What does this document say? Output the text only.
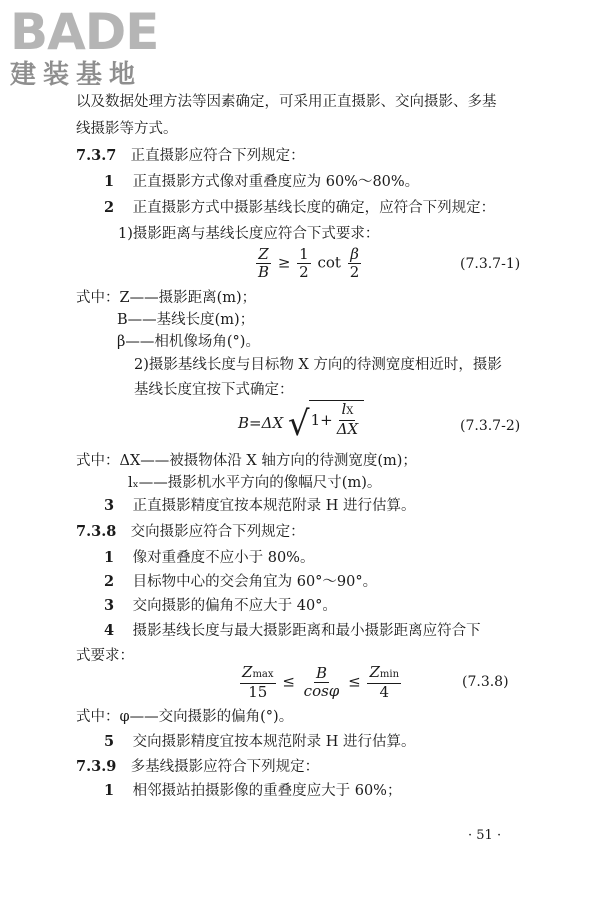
BADE
建装基地
以及数据处理方法等因素确定，可采用正直摄影、交向摄影、多基
线摄影等方式。
7.3.7 正直摄影应符合下列规定：
1 正直摄影方式像对重叠度应为 60%～80%。
2 正直摄影方式中摄影基线长度的确定，应符合下列规定：
1)摄影距离与基线长度应符合下式要求：
$\frac{Z}{B} \ge \frac{1}{2}$ $\cot \frac{\beta}{2}$	(7.3.7-1)
式中：Z——摄影距离(m)；
B——基线长度(m)；
β——相机像场角(°)。
2)摄影基线长度与目标物 X 方向的待测宽度相近时，摄影
基线长度宜按下式确定：
B=ΔX √ $1+ \frac{lX}{\Delta X}$	(7.3.7-2)
式中：ΔX——被摄物体沿 X 轴方向的待测宽度(m)；
lₓ——摄影机水平方向的像幅尺寸(m)。
3 正直摄影精度宜按本规范附录 H 进行估算。
7.3.8 交向摄影应符合下列规定：
1 像对重叠度不应小于 80%。
2 目标物中心的交会角宜为 60°～90°。
3 交向摄影的偏角不应大于 40°。
4 摄影基线长度与最大摄影距离和最小摄影距离应符合下
式要求：
$\frac{Zmax}{15} \le \frac{B}{\cos\varphi} \le \frac{Zmin}{4}$	(7.3.8)
式中：φ——交向摄影的偏角(°)。
5 交向摄影精度宜按本规范附录 H 进行估算。
7.3.9 多基线摄影应符合下列规定：
1 相邻摄站拍摄影像的重叠度应大于 60%；
· 51 ·
